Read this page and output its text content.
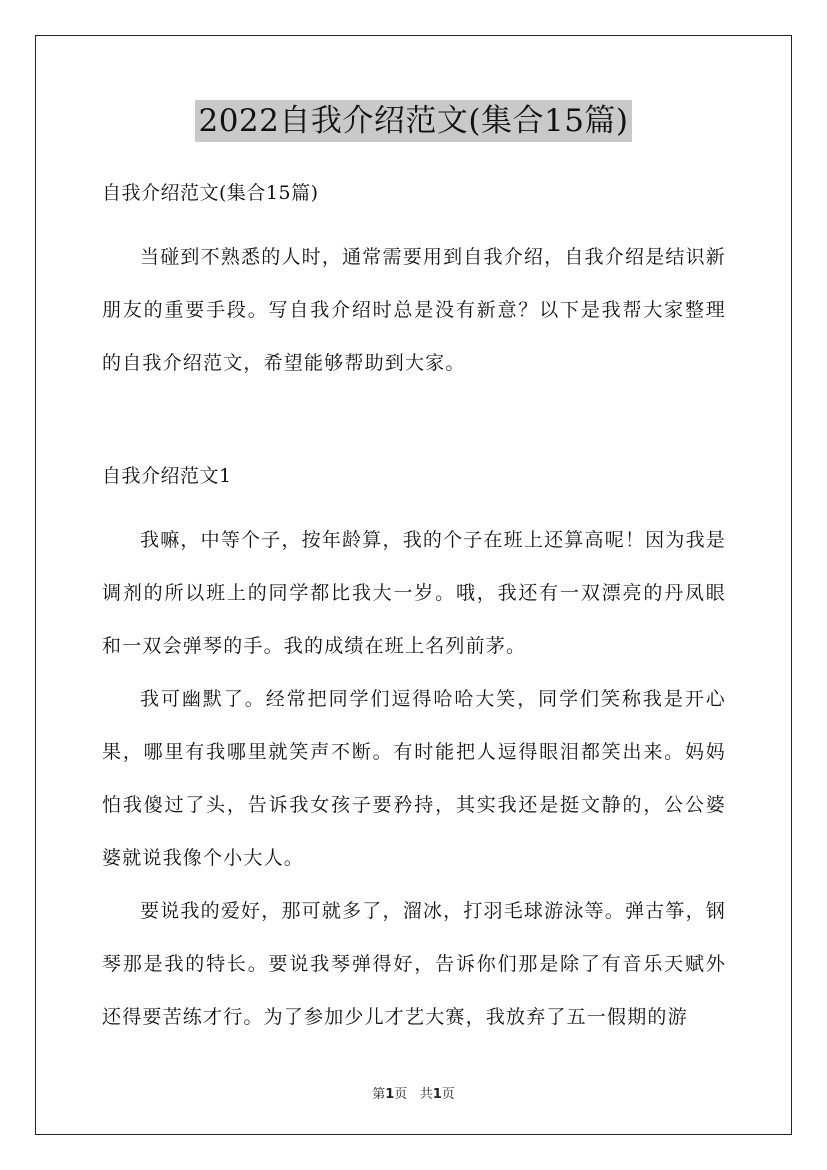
2022自我介绍范文(集合15篇)

自我介绍范文(集合15篇)

当碰到不熟悉的人时，通常需要用到自我介绍，自我介绍是结识新朋友的重要手段。写自我介绍时总是没有新意？以下是我帮大家整理的自我介绍范文，希望能够帮助到大家。

自我介绍范文1

我嘛，中等个子，按年龄算，我的个子在班上还算高呢！因为我是调剂的所以班上的同学都比我大一岁。哦，我还有一双漂亮的丹凤眼和一双会弹琴的手。我的成绩在班上名列前茅。

我可幽默了。经常把同学们逗得哈哈大笑，同学们笑称我是开心果，哪里有我哪里就笑声不断。有时能把人逗得眼泪都笑出来。妈妈怕我傻过了头，告诉我女孩子要矜持，其实我还是挺文静的，公公婆婆就说我像个小大人。

要说我的爱好，那可就多了，溜冰，打羽毛球游泳等。弹古筝，钢琴那是我的特长。要说我琴弹得好，告诉你们那是除了有音乐天赋外还得要苦练才行。为了参加少儿才艺大赛，我放弃了五一假期的游

第1页 共1页
